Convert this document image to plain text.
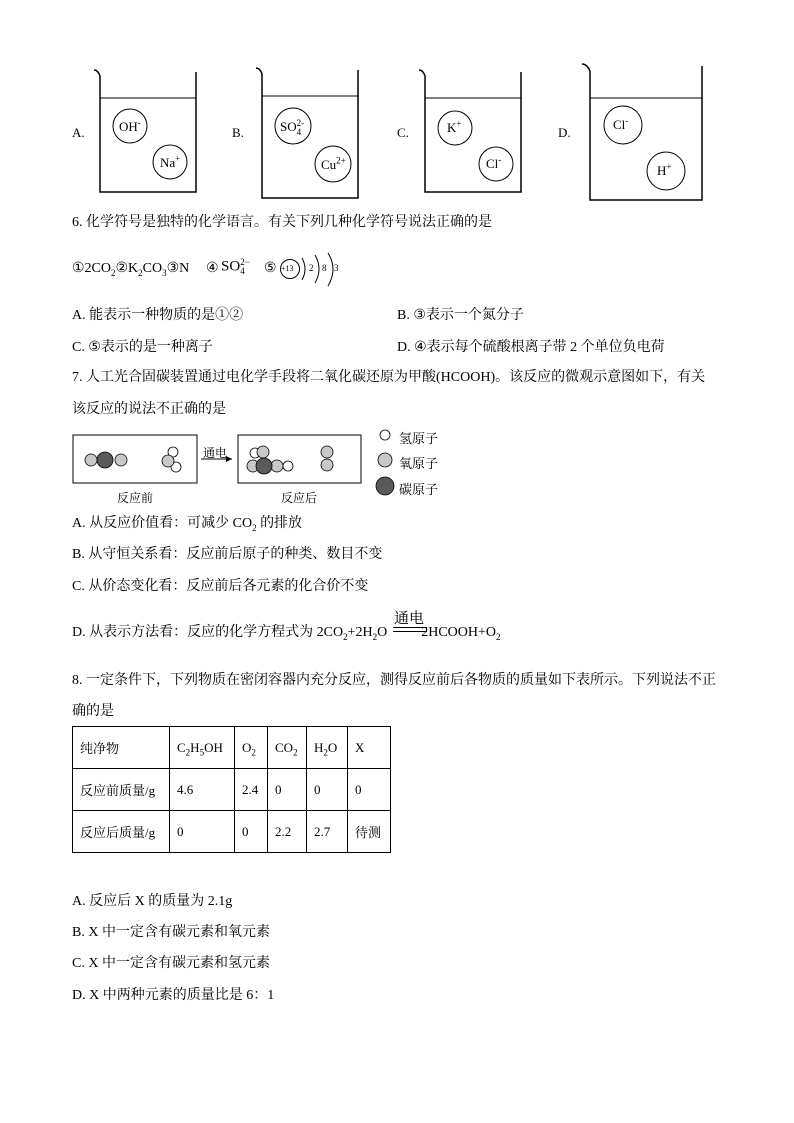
A.	OH-
Na+
B.	SO 2-
4
$Cu^{2+}$
C.	K+
Cl-
D.
Cl-
H+
6. 化学符号是独特的化学语言。有关下列几种化学符号说法正确的是
$①2CO_2②K_2CO_3③N$ ④ SO 2−
4	⑤ +13 2 8 3
A. 能表示一种物质的是①②	B. ③表示一个氮分子
C. ⑤表示的是一种离子	D. ④表示每个硫酸根离子带 2 个单位负电荷
7. 人工光合固碳装置通过电化学手段将二氧化碳还原为甲酸(HCOOH)。该反应的微观示意图如下，有关
该反应的说法不正确的是
通电
反应前	反应后
氢原子
氧原子
碳原子
A. 从反应价值看：可减少 $CO_2$ 的排放
B. 从守恒关系看：反应前后原子的种类、数目不变
C. 从价态变化看：反应前后各元素的化合价不变
D. 从表示方法看：反应的化学方程式为 $2CO_2+2H_2O$ $2HCOOH+O_2$
通电
8. 一定条件下，下列物质在密闭容器内充分反应，测得反应前后各物质的质量如下表所示。下列说法不正
确的是
纯净物	$C_2H_5OH$	$O_2$	$CO_2$	$H_2O$	X
反应前质量/g	4.6	2.4	0	0	0
反应后质量/g	0	0	2.2	2.7	待测
A. 反应后 X 的质量为 2.1g
B. X 中一定含有碳元素和氧元素
C. X 中一定含有碳元素和氢元素
D. X 中两种元素的质量比是 6：1
